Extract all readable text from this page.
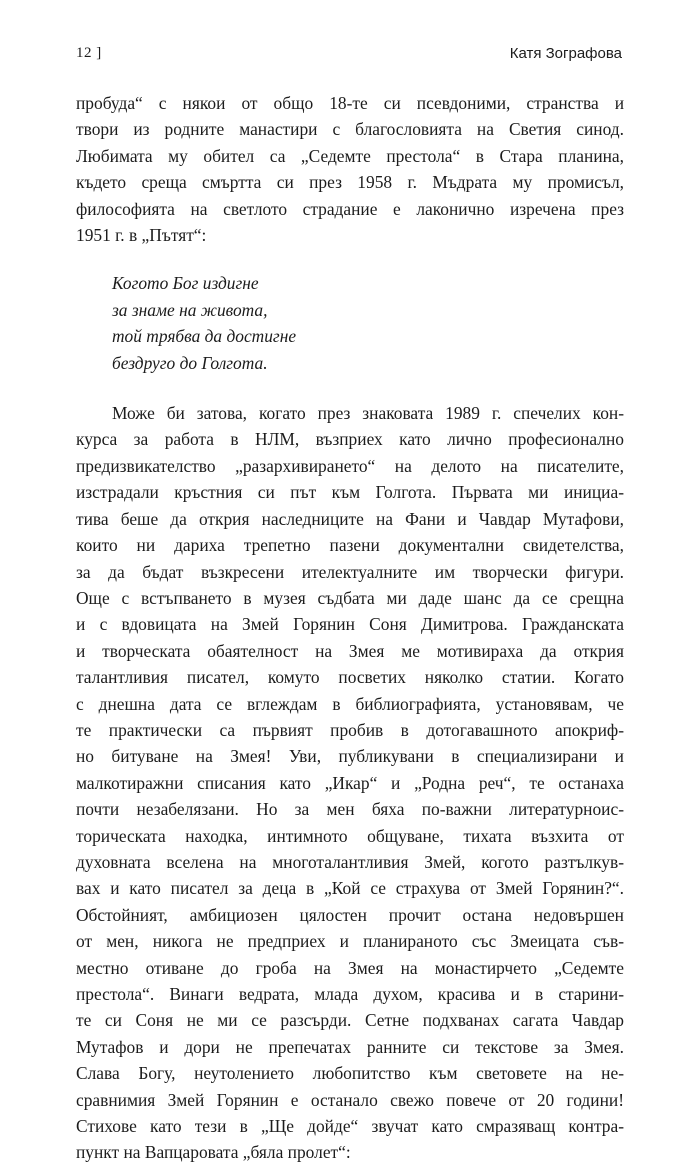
12 ]	Катя Зографова
пробуда“ с някои от общо 18-те си псевдоними, странства и
твори из родните манастири с благословията на Светия синод.
Любимата му обител са „Седемте престола“ в Стара планина,
където среща смъртта си през 1958 г. Мъдрата му промисъл,
философията на светлото страдание е лаконично изречена през
1951 г. в „Пътят“:
Когото Бог издигне
за знаме на живота,
той трябва да достигне
бездруго до Голгота.
Може би затова, когато през знаковата 1989 г. спечелих кон-
курса за работа в НЛМ, възприех като лично професионално
предизвикателство „разархивирането“ на делото на писателите,
изстрадали кръстния си път към Голгота. Първата ми инициа-
тива беше да открия наследниците на Фани и Чавдар Мутафови,
които ни дариха трепетно пазени документални свидетелства,
за да бъдат възкресени ителектуалните им творчески фигури.
Още с встъпването в музея съдбата ми даде шанс да се срещна
и с вдовицата на Змей Горянин Соня Димитрова. Гражданската
и творческата обаятелност на Змея ме мотивираха да открия
талантливия писател, комуто посветих няколко статии. Когато
с днешна дата се вглеждам в библиографията, установявам, че
те практически са първият пробив в дотогавашното апокриф-
но битуване на Змея! Уви, публикувани в специализирани и
малкотиражни списания като „Икар“ и „Родна реч“, те останаха
почти незабелязани. Но за мен бяха по-важни литературноис-
торическата находка, интимното общуване, тихата възхита от
духовната вселена на многоталантливия Змей, когото разтълкув-
вах и като писател за деца в „Кой се страхува от Змей Горянин?“.
Обстойният, амбициозен цялостен прочит остана недовършен
от мен, никога не предприех и планираното със Змеицата съв-
местно отиване до гроба на Змея на монастирчето „Седемте
престола“. Винаги ведрата, млада духом, красива и в старини-
те си Соня не ми се разсърди. Сетне подхванах сагата Чавдар
Мутафов и дори не препечатах ранните си текстове за Змея.
Слава Богу, неутолението любопитство към световете на не-
сравнимия Змей Горянин е останало свежо повече от 20 години!
Стихове като тези в „Ще дойде“ звучат като смразяващ контра-
пункт на Вапцаровата „бяла пролет“:
